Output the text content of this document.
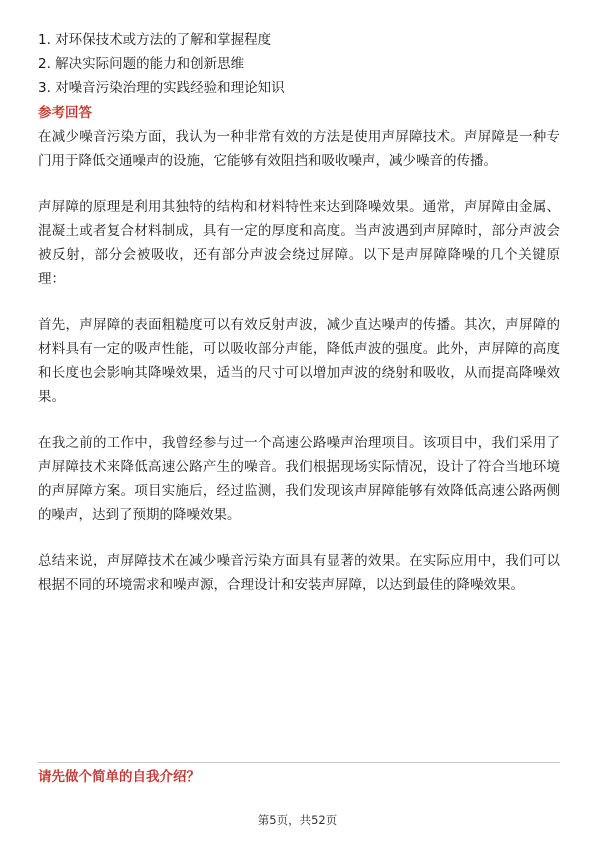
1. 对环保技术或方法的了解和掌握程度
2. 解决实际问题的能力和创新思维
3. 对噪音污染治理的实践经验和理论知识
参考回答

在减少噪音污染方面，我认为一种非常有效的方法是使用声屏障技术。声屏障是一种专门用于降低交通噪声的设施，它能够有效阻挡和吸收噪声，减少噪音的传播。

声屏障的原理是利用其独特的结构和材料特性来达到降噪效果。通常，声屏障由金属、混凝土或者复合材料制成，具有一定的厚度和高度。当声波遇到声屏障时，部分声波会被反射，部分会被吸收，还有部分声波会绕过屏障。以下是声屏障降噪的几个关键原理：

首先，声屏障的表面粗糙度可以有效反射声波，减少直达噪声的传播。其次，声屏障的材料具有一定的吸声性能，可以吸收部分声能，降低声波的强度。此外，声屏障的高度和长度也会影响其降噪效果，适当的尺寸可以增加声波的绕射和吸收，从而提高降噪效果。

在我之前的工作中，我曾经参与过一个高速公路噪声治理项目。该项目中，我们采用了声屏障技术来降低高速公路产生的噪音。我们根据现场实际情况，设计了符合当地环境的声屏障方案。项目实施后，经过监测，我们发现该声屏障能够有效降低高速公路两侧的噪声，达到了预期的降噪效果。

总结来说，声屏障技术在减少噪音污染方面具有显著的效果。在实际应用中，我们可以根据不同的环境需求和噪声源，合理设计和安装声屏障，以达到最佳的降噪效果。

请先做个简单的自我介绍？
第5页，共52页
